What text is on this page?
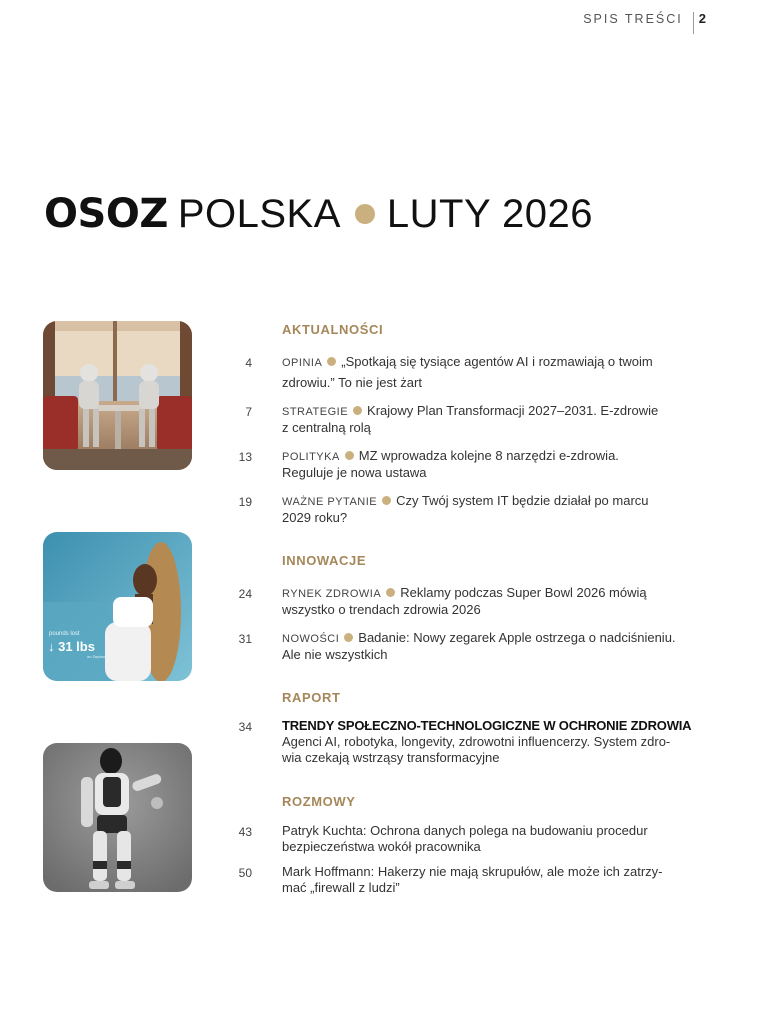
SPIS TREŚCI	2
OSOZ POLSKA LUTY 2026
pounds lost
↓ 31 lbs
on Zepbound
AKTUALNOŚCI
4	OPINIA „Spotkają się tysiące agentów AI i rozmawiają o twoim
zdrowiu.” To nie jest żart
7	STRATEGIE Krajowy Plan Transformacji 2027–2031. E-zdrowie
z centralną rolą
13	POLITYKA MZ wprowadza kolejne 8 narzędzi e-zdrowia.
Reguluje je nowa ustawa
19	WAŻNE PYTANIE Czy Twój system IT będzie działał po marcu
2029 roku?
INNOWACJE
24	RYNEK ZDROWIA Reklamy podczas Super Bowl 2026 mówią
wszystko o trendach zdrowia 2026
31	NOWOŚCI Badanie: Nowy zegarek Apple ostrzega o nadciśnieniu.
Ale nie wszystkich
RAPORT
34 TRENDY SPOŁECZNO-TECHNOLOGICZNE W OCHRONIE ZDROWIA
Agenci AI, robotyka, longevity, zdrowotni influencerzy. System zdro-
wia czekają wstrząsy transformacyjne
ROZMOWY
43 Patryk Kuchta: Ochrona danych polega na budowaniu procedur
bezpieczeństwa wokół pracownika
50 Mark Hoffmann: Hakerzy nie mają skrupułów, ale może ich zatrzy-
mać „firewall z ludzi”
